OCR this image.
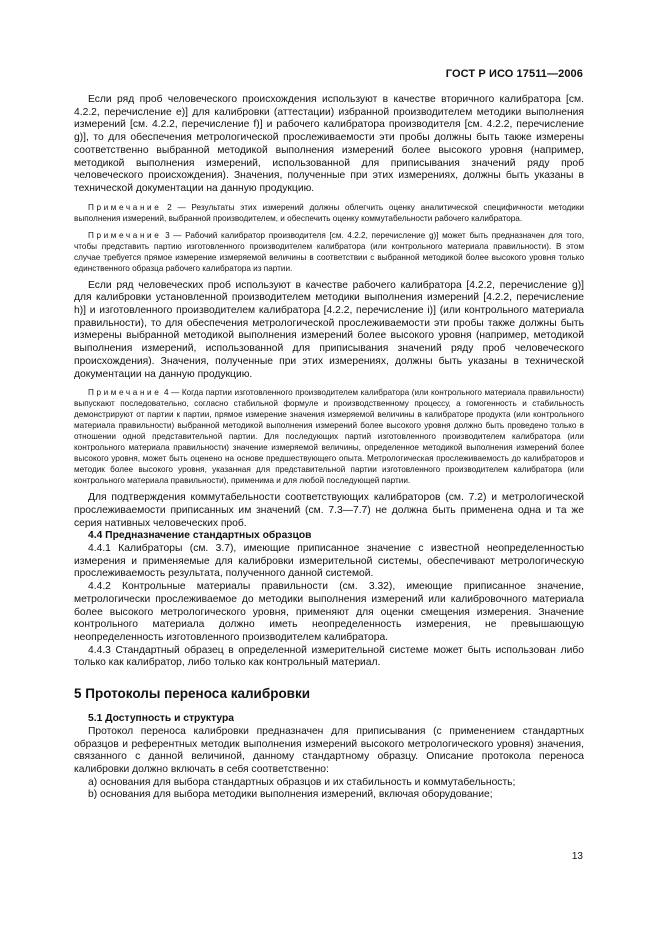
ГОСТ Р ИСО 17511—2006

Если ряд проб человеческого происхождения используют в качестве вторичного калибратора [см. 4.2.2, перечисление e)] для калибровки (аттестации) избранной производителем методики выполнения измерений [см. 4.2.2, перечисление f)] и рабочего калибратора производителя [см. 4.2.2, перечисление g)], то для обеспечения метрологической прослеживаемости эти пробы должны быть также измерены соответственно выбранной методикой выполнения измерений более высокого уровня (например, методикой выполнения измерений, использованной для приписывания значений ряду проб человеческого происхождения). Значения, полученные при этих измерениях, должны быть указаны в технической документации на данную продукцию.

Примечание 2 — Результаты этих измерений должны облегчить оценку аналитической специфичности методики выполнения измерений, выбранной производителем, и обеспечить оценку коммутабельности рабочего калибратора.

Примечание 3 — Рабочий калибратор производителя [см. 4.2.2, перечисление g)] может быть предназначен для того, чтобы представить партию изготовленного производителем калибратора (или контрольного материала правильности). В этом случае требуется прямое измерение измеряемой величины в соответствии с выбранной методикой более высокого уровня только единственного образца рабочего калибратора из партии.

Если ряд человеческих проб используют в качестве рабочего калибратора [4.2.2, перечисление g)] для калибровки установленной производителем методики выполнения измерений [4.2.2, перечисление h)] и изготовленного производителем калибратора [4.2.2, перечисление i)] (или контрольного материала правильности), то для обеспечения метрологической прослеживаемости эти пробы также должны быть измерены выбранной методикой выполнения измерений более высокого уровня (например, методикой выполнения измерений, использованной для приписывания значений ряду проб человеческого происхождения). Значения, полученные при этих измерениях, должны быть указаны в технической документации на данную продукцию.

Примечание 4 — Когда партии изготовленного производителем калибратора (или контрольного материала правильности) выпускают последовательно, согласно стабильной формуле и производственному процессу, а гомогенность и стабильность демонстрируют от партии к партии, прямое измерение значения измеряемой величины в калибраторе продукта (или контрольного материала правильности) выбранной методикой выполнения измерений более высокого уровня должно быть проведено только в отношении одной представительной партии. Для последующих партий изготовленного производителем калибратора (или контрольного материала правильности) значение измеряемой величины, определенное методикой выполнения измерений более высокого уровня, может быть оценено на основе предшествующего опыта. Метрологическая прослеживаемость до калибраторов и методик более высокого уровня, указанная для представительной партии изготовленного производителем калибратора (или контрольного материала правильности), применима и для любой последующей партии.

Для подтверждения коммутабельности соответствующих калибраторов (см. 7.2) и метрологической прослеживаемости приписанных им значений (см. 7.3—7.7) не должна быть применена одна и та же серия нативных человеческих проб.

4.4 Предназначение стандартных образцов

4.4.1 Калибраторы (см. 3.7), имеющие приписанное значение с известной неопределенностью измерения и применяемые для калибровки измерительной системы, обеспечивают метрологическую прослеживаемость результата, полученного данной системой.

4.4.2 Контрольные материалы правильности (см. 3.32), имеющие приписанное значение, метрологически прослеживаемое до методики выполнения измерений или калибровочного материала более высокого метрологического уровня, применяют для оценки смещения измерения. Значение контрольного материала должно иметь неопределенность измерения, не превышающую неопределенность изготовленного производителем калибратора.

4.4.3 Стандартный образец в определенной измерительной системе может быть использован либо только как калибратор, либо только как контрольный материал.

5 Протоколы переноса калибровки

5.1 Доступность и структура

Протокол переноса калибровки предназначен для приписывания (с применением стандартных образцов и референтных методик выполнения измерений высокого метрологического уровня) значения, связанного с данной величиной, данному стандартному образцу. Описание протокола переноса калибровки должно включать в себя соответственно:

a) основания для выбора стандартных образцов и их стабильность и коммутабельность;

b) основания для выбора методики выполнения измерений, включая оборудование;

13
